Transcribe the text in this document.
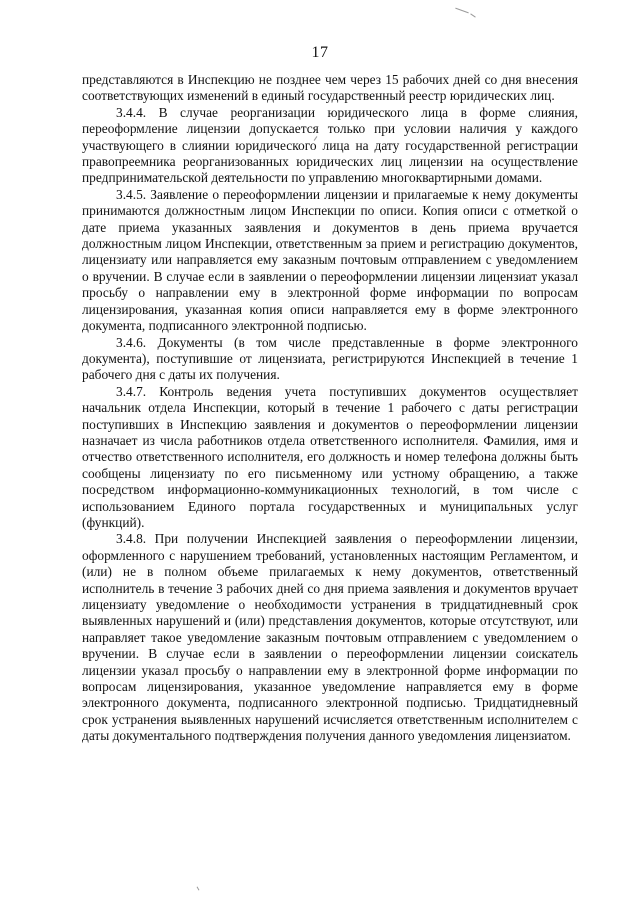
17

представляются в Инспекцию не позднее чем через 15 рабочих дней со дня внесения соответствующих изменений в единый государственный реестр юридических лиц.

3.4.4. В случае реорганизации юридического лица в форме слияния, переоформление лицензии допускается только при условии наличия у каждого участвующего в слиянии юридического лица на дату государственной регистрации правопреемника реорганизованных юридических лиц лицензии на осуществление предпринимательской деятельности по управлению многоквартирными домами.

3.4.5. Заявление о переоформлении лицензии и прилагаемые к нему документы принимаются должностным лицом Инспекции по описи. Копия описи с отметкой о дате приема указанных заявления и документов в день приема вручается должностным лицом Инспекции, ответственным за прием и регистрацию документов, лицензиату или направляется ему заказным почтовым отправлением с уведомлением о вручении. В случае если в заявлении о переоформлении лицензии лицензиат указал просьбу о направлении ему в электронной форме информации по вопросам лицензирования, указанная копия описи направляется ему в форме электронного документа, подписанного электронной подписью.

3.4.6. Документы (в том числе представленные в форме электронного документа), поступившие от лицензиата, регистрируются Инспекцией в течение 1 рабочего дня с даты их получения.

3.4.7. Контроль ведения учета поступивших документов осуществляет начальник отдела Инспекции, который в течение 1 рабочего с даты регистрации поступивших в Инспекцию заявления и документов о переоформлении лицензии назначает из числа работников отдела ответственного исполнителя. Фамилия, имя и отчество ответственного исполнителя, его должность и номер телефона должны быть сообщены лицензиату по его письменному или устному обращению, а также посредством информационно-коммуникационных технологий, в том числе с использованием Единого портала государственных и муниципальных услуг (функций).

3.4.8. При получении Инспекцией заявления о переоформлении лицензии, оформленного с нарушением требований, установленных настоящим Регламентом, и (или) не в полном объеме прилагаемых к нему документов, ответственный исполнитель в течение 3 рабочих дней со дня приема заявления и документов вручает лицензиату уведомление о необходимости устранения в тридцатидневный срок выявленных нарушений и (или) представления документов, которые отсутствуют, или направляет такое уведомление заказным почтовым отправлением с уведомлением о вручении. В случае если в заявлении о переоформлении лицензии соискатель лицензии указал просьбу о направлении ему в электронной форме информации по вопросам лицензирования, указанное уведомление направляется ему в форме электронного документа, подписанного электронной подписью. Тридцатидневный срок устранения выявленных нарушений исчисляется ответственным исполнителем с даты документального подтверждения получения данного уведомления лицензиатом.
